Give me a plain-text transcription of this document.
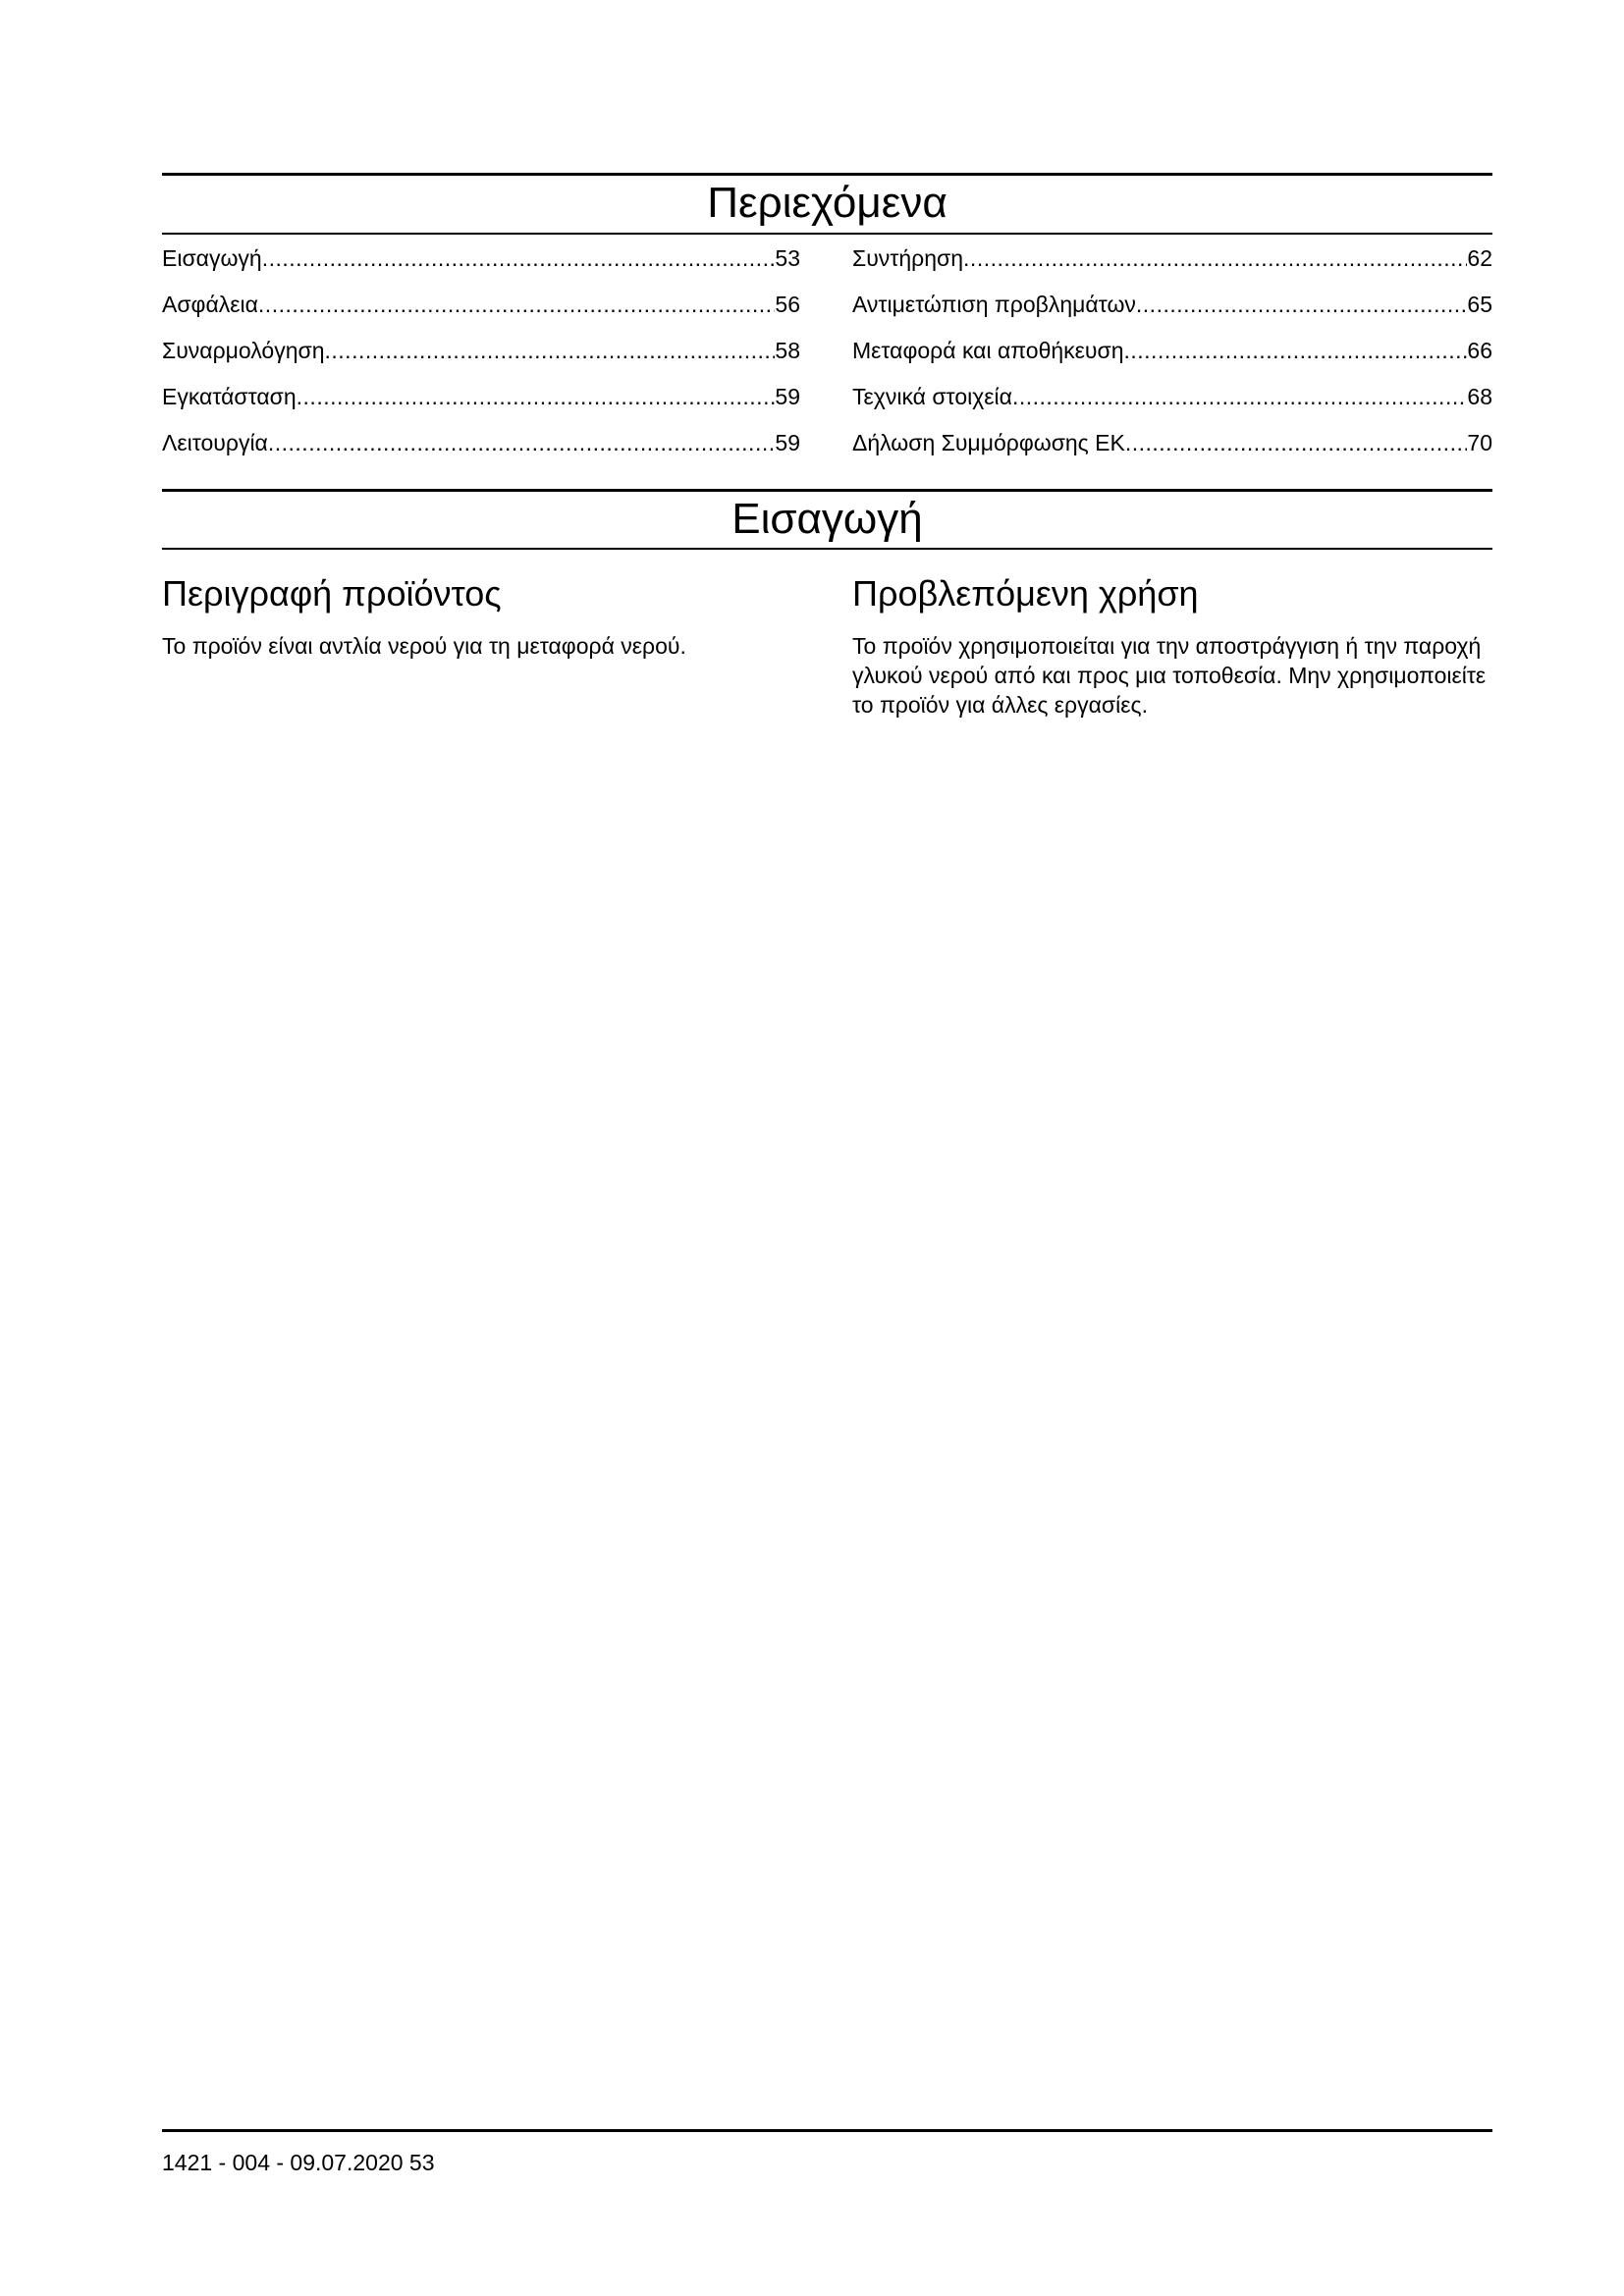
Περιεχόμενα
Εισαγωγή .....	53
Ασφάλεια .....	56
Συναρμολόγηση .....	58
Εγκατάσταση .....	59
Λειτουργία .....	59
Συντήρηση .....	62
Αντιμετώπιση προβλημάτων .....	65
Μεταφορά και αποθήκευση .....	66
Τεχνικά στοιχεία .....	68
Δήλωση Συμμόρφωσης ΕΚ .....	70
Εισαγωγή
Περιγραφή προϊόντος

Το προϊόν είναι αντλία νερού για τη μεταφορά νερού.

Προβλεπόμενη χρήση

Το προϊόν χρησιμοποιείται για την αποστράγγιση ή την παροχή γλυκού νερού από και προς μια τοποθεσία. Μην χρησιμοποιείτε το προϊόν για άλλες εργασίες.

1421 - 004 - 09.07.2020 53
